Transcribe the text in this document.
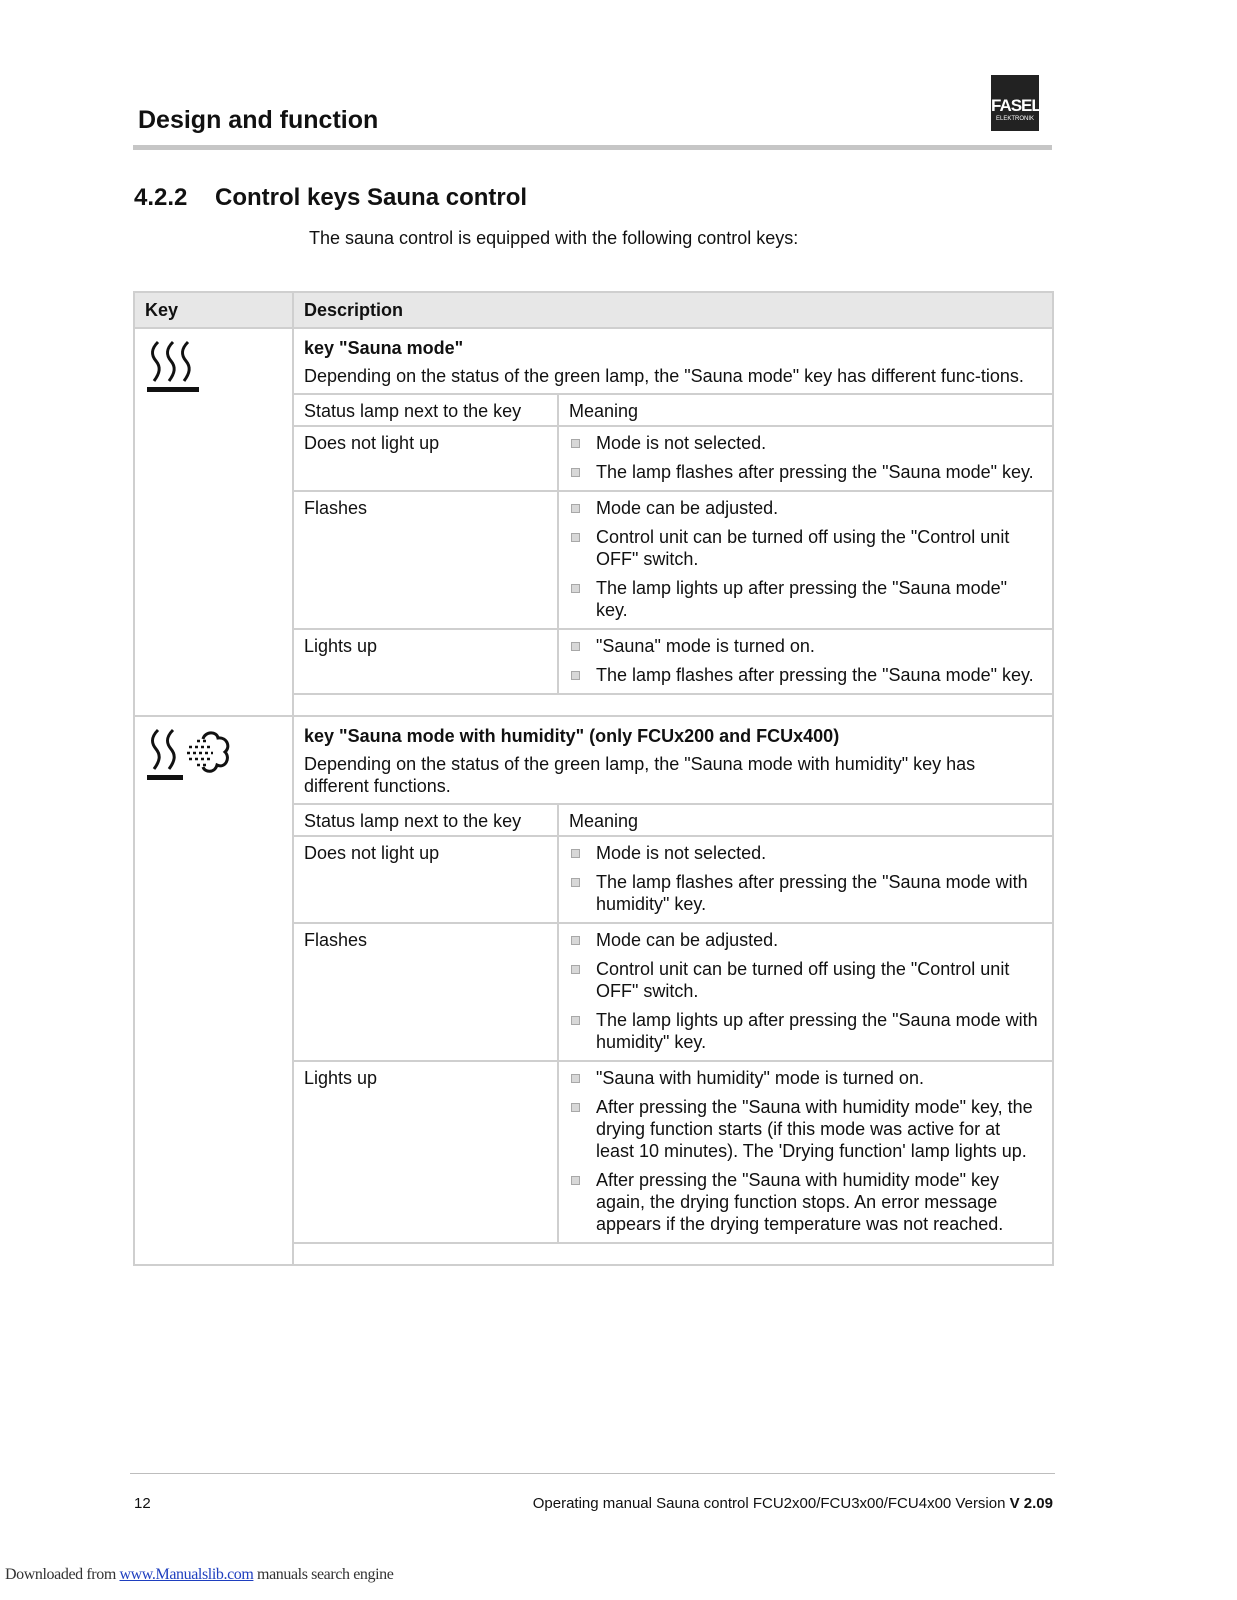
Design and function
FASEL
ELEKTRONIK
4.2.2 Control keys Sauna control
The sauna control is equipped with the following control keys:
Key	Description

key "Sauna mode"
Depending on the status of the green lamp, the "Sauna mode" key has different func-tions.
Status lamp next to the key	Meaning
Does not light up	Mode is not selected.
The lamp flashes after pressing the "Sauna mode" key.

Flashes	Mode can be adjusted.
Control unit can be turned off using the "Control unit OFF" switch.
The lamp lights up after pressing the "Sauna mode" key.

Lights up	"Sauna" mode is turned on.
The lamp flashes after pressing the "Sauna mode" key.

key "Sauna mode with humidity" (only FCUx200 and FCUx400)
Depending on the status of the green lamp, the "Sauna mode with humidity" key has different functions.
Status lamp next to the key	Meaning
Does not light up	Mode is not selected.
The lamp flashes after pressing the "Sauna mode with humidity" key.

Flashes	Mode can be adjusted.
Control unit can be turned off using the "Control unit OFF" switch.
The lamp lights up after pressing the "Sauna mode with humidity" key.

Lights up	"Sauna with humidity" mode is turned on.
After pressing the "Sauna with humidity mode" key, the drying function starts (if this mode was active for at least 10 minutes). The 'Drying function' lamp lights up.
After pressing the "Sauna with humidity mode" key again, the drying function stops. An error message appears if the drying temperature was not reached.

12	Operating manual Sauna control FCU2x00/FCU3x00/FCU4x00 Version V 2.09
Downloaded from www.Manualslib.com manuals search engine
